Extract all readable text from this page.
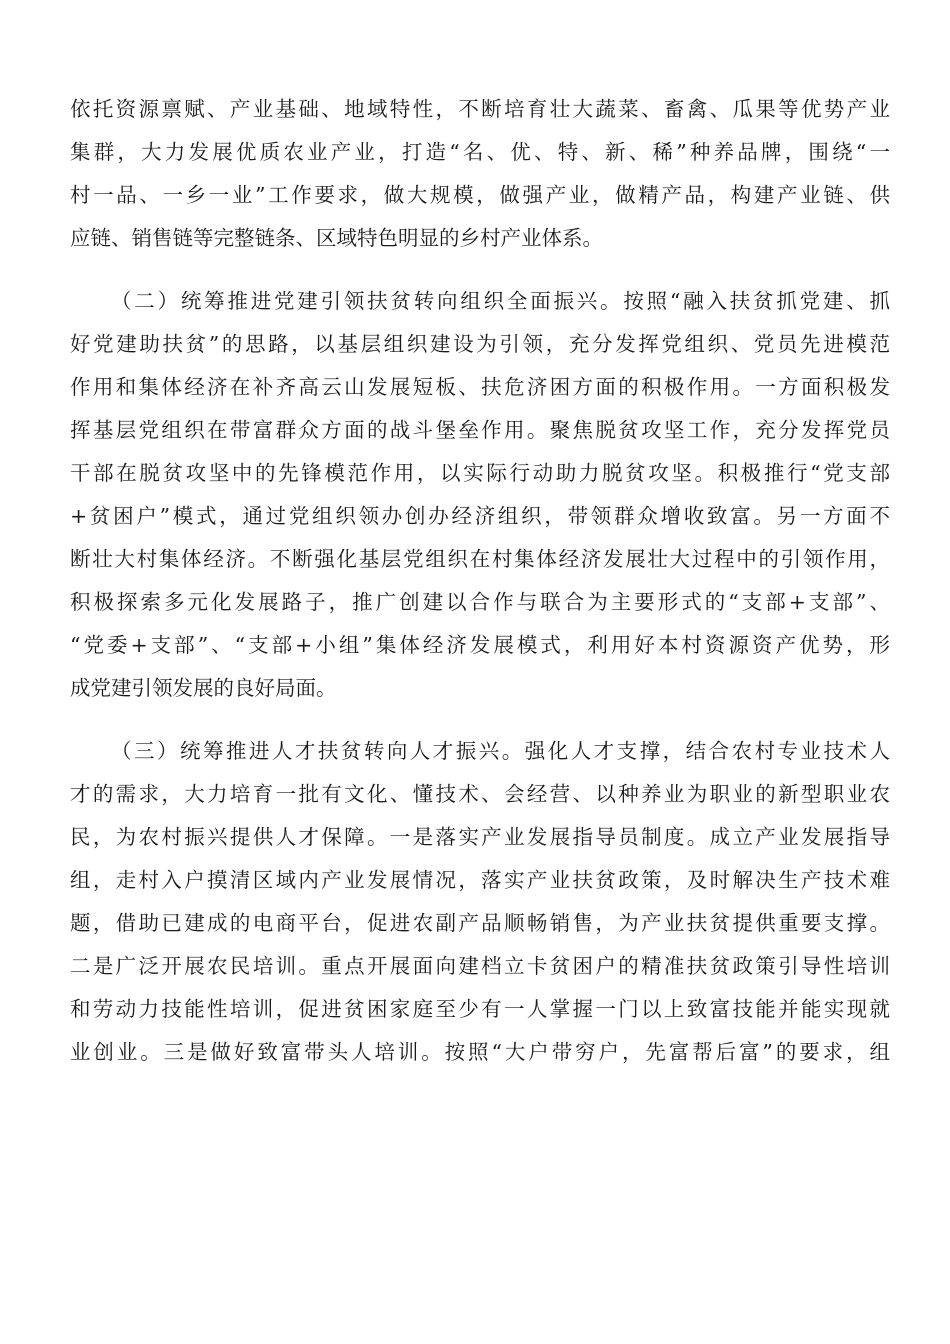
依托资源禀赋、产业基础、地域特性，不断培育壮大蔬菜、畜禽、瓜果等优势产业
集群，大力发展优质农业产业，打造“名、优、特、新、稀”种养品牌，围绕“一
村一品、一乡一业”工作要求，做大规模，做强产业，做精产品，构建产业链、供
应链、销售链等完整链条、区域特色明显的乡村产业体系。
（二）统筹推进党建引领扶贫转向组织全面振兴。按照“融入扶贫抓党建、抓
好党建助扶贫”的思路，以基层组织建设为引领，充分发挥党组织、党员先进模范
作用和集体经济在补齐高云山发展短板、扶危济困方面的积极作用。一方面积极发
挥基层党组织在带富群众方面的战斗堡垒作用。聚焦脱贫攻坚工作，充分发挥党员
干部在脱贫攻坚中的先锋模范作用，以实际行动助力脱贫攻坚。积极推行“党支部
+贫困户”模式，通过党组织领办创办经济组织，带领群众增收致富。另一方面不
断壮大村集体经济。不断强化基层党组织在村集体经济发展壮大过程中的引领作用，
积极探索多元化发展路子，推广创建以合作与联合为主要形式的“支部+支部”、
“党委+支部”、“支部+小组”集体经济发展模式，利用好本村资源资产优势，形
成党建引领发展的良好局面。
（三）统筹推进人才扶贫转向人才振兴。强化人才支撑，结合农村专业技术人
才的需求，大力培育一批有文化、懂技术、会经营、以种养业为职业的新型职业农
民，为农村振兴提供人才保障。一是落实产业发展指导员制度。成立产业发展指导
组，走村入户摸清区域内产业发展情况，落实产业扶贫政策，及时解决生产技术难
题，借助已建成的电商平台，促进农副产品顺畅销售，为产业扶贫提供重要支撑。
二是广泛开展农民培训。重点开展面向建档立卡贫困户的精准扶贫政策引导性培训
和劳动力技能性培训，促进贫困家庭至少有一人掌握一门以上致富技能并能实现就
业创业。三是做好致富带头人培训。按照“大户带穷户，先富帮后富”的要求，组
